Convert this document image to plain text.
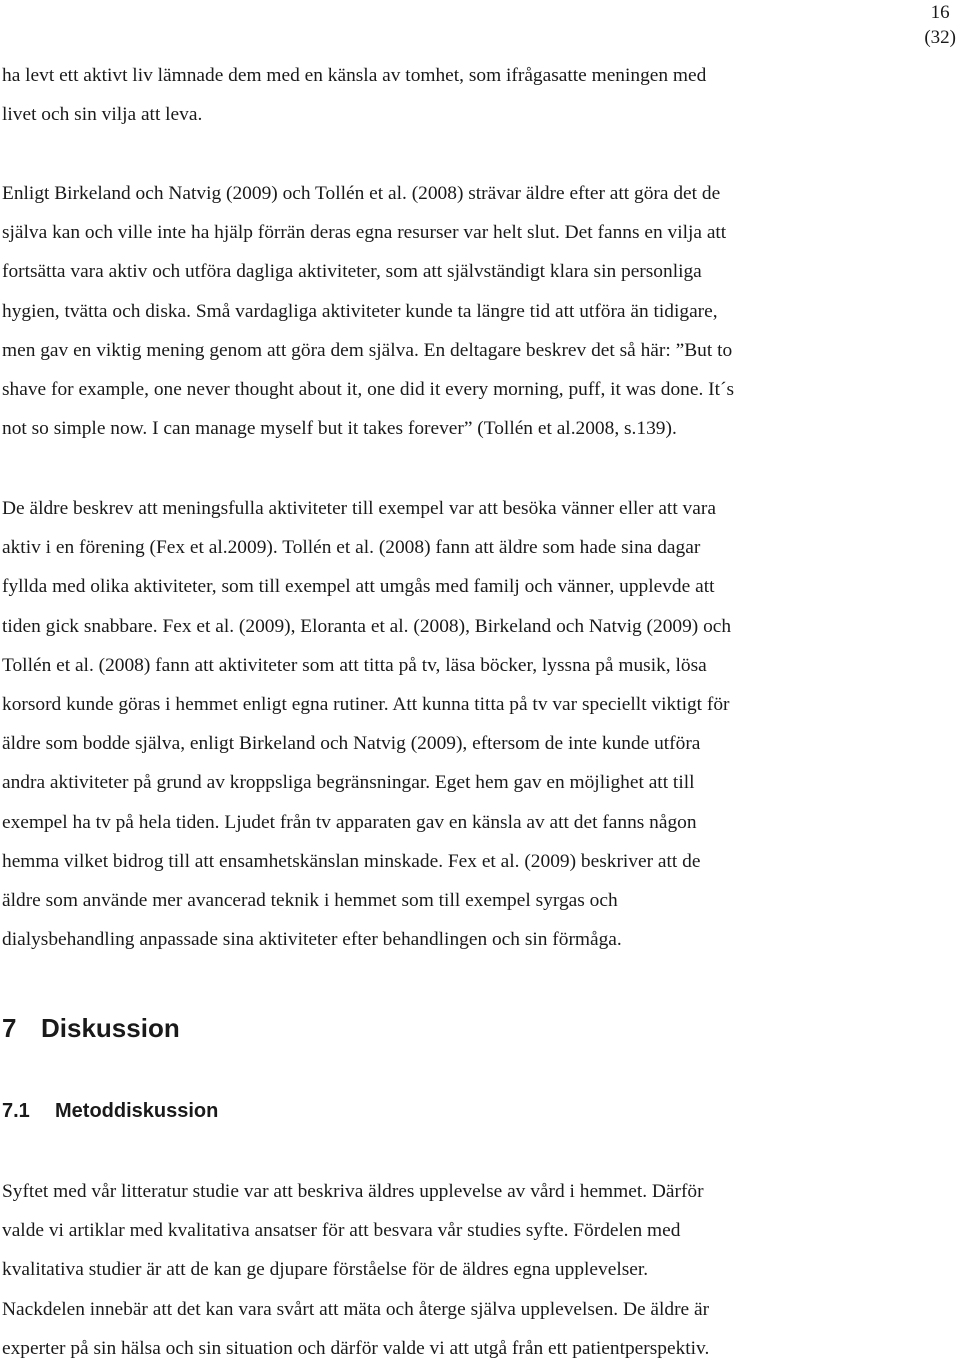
16
(32)

ha levt ett aktivt liv lämnade dem med en känsla av tomhet, som ifrågasatte meningen med
livet och sin vilja att leva.

Enligt Birkeland och Natvig (2009) och Tollén et al. (2008) strävar äldre efter att göra det de
själva kan och ville inte ha hjälp förrän deras egna resurser var helt slut. Det fanns en vilja att
fortsätta vara aktiv och utföra dagliga aktiviteter, som att självständigt klara sin personliga
hygien, tvätta och diska. Små vardagliga aktiviteter kunde ta längre tid att utföra än tidigare,
men gav en viktig mening genom att göra dem själva. En deltagare beskrev det så här: ”But to
shave for example, one never thought about it, one did it every morning, puff, it was done. It´s
not so simple now. I can manage myself but it takes forever” (Tollén et al.2008, s.139).

De äldre beskrev att meningsfulla aktiviteter till exempel var att besöka vänner eller att vara
aktiv i en förening (Fex et al.2009). Tollén et al. (2008) fann att äldre som hade sina dagar
fyllda med olika aktiviteter, som till exempel att umgås med familj och vänner, upplevde att
tiden gick snabbare. Fex et al. (2009), Eloranta et al. (2008), Birkeland och Natvig (2009) och
Tollén et al. (2008) fann att aktiviteter som att titta på tv, läsa böcker, lyssna på musik, lösa
korsord kunde göras i hemmet enligt egna rutiner. Att kunna titta på tv var speciellt viktigt för
äldre som bodde själva, enligt Birkeland och Natvig (2009), eftersom de inte kunde utföra
andra aktiviteter på grund av kroppsliga begränsningar. Eget hem gav en möjlighet att till
exempel ha tv på hela tiden. Ljudet från tv apparaten gav en känsla av att det fanns någon
hemma vilket bidrog till att ensamhetskänslan minskade. Fex et al. (2009) beskriver att de
äldre som använde mer avancerad teknik i hemmet som till exempel syrgas och
dialysbehandling anpassade sina aktiviteter efter behandlingen och sin förmåga.

7 Diskussion
7.1 Metoddiskussion

Syftet med vår litteratur studie var att beskriva äldres upplevelse av vård i hemmet. Därför
valde vi artiklar med kvalitativa ansatser för att besvara vår studies syfte. Fördelen med
kvalitativa studier är att de kan ge djupare förståelse för de äldres egna upplevelser.
Nackdelen innebär att det kan vara svårt att mäta och återge själva upplevelsen. De äldre är
experter på sin hälsa och sin situation och därför valde vi att utgå från ett patientperspektiv.
